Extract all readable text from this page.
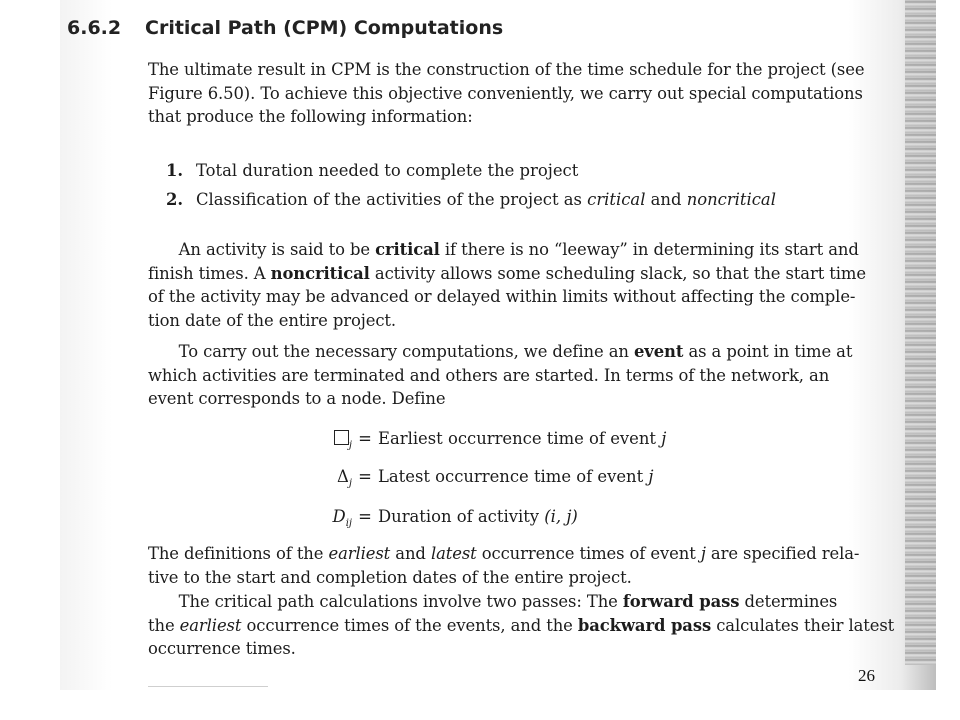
6.6.2 Critical Path (CPM) Computations

The ultimate result in CPM is the construction of the time schedule for the project (see
Figure 6.50). To achieve this objective conveniently, we carry out special computations
that produce the following information:

1. Total duration needed to complete the project
2. Classification of the activities of the project as critical and noncritical

An activity is said to be critical if there is no “leeway” in determining its start and
finish times. A noncritical activity allows some scheduling slack, so that the start time
of the activity may be advanced or delayed within limits without affecting the comple-
tion date of the entire project.

To carry out the necessary computations, we define an event as a point in time at
which activities are terminated and others are started. In terms of the network, an
event corresponds to a node. Define

$_j$ = Earliest occurrence time of event j
$\Delta_j$ = Latest occurrence time of event j
$D_{ij}$ = Duration of activity (i, j)

The definitions of the earliest and latest occurrence times of event j are specified rela-
tive to the start and completion dates of the entire project.

The critical path calculations involve two passes: The forward pass determines
the earliest occurrence times of the events, and the backward pass calculates their latest
occurrence times.

26
